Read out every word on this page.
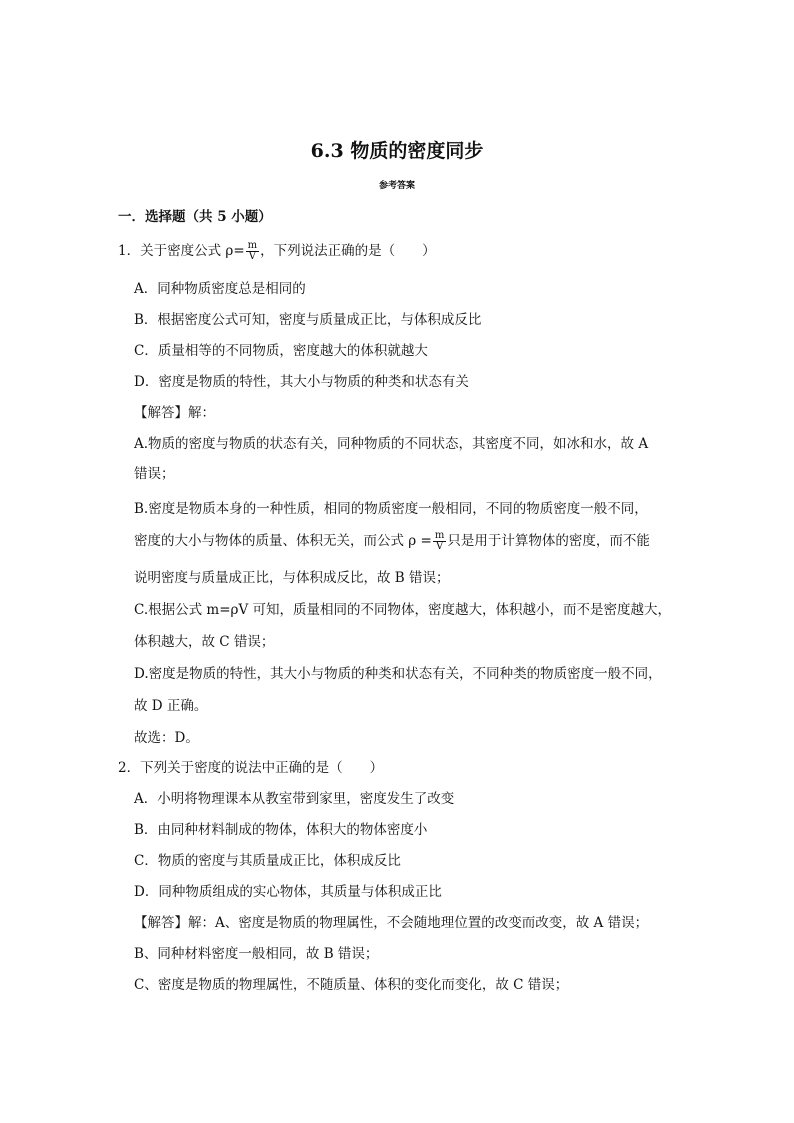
6.3 物质的密度同步
参考答案
一．选择题（共 5 小题）
1．关于密度公式 $\rho= \frac{m}{V}$ ，下列说法正确的是（　　）
A．同种物质密度总是相同的
B．根据密度公式可知，密度与质量成正比，与体积成反比
C．质量相等的不同物质，密度越大的体积就越大
D．密度是物质的特性，其大小与物质的种类和状态有关
【解答】解：
A.物质的密度与物质的状态有关，同种物质的不同状态，其密度不同，如冰和水，故 A
错误；
B.密度是物质本身的一种性质，相同的物质密度一般相同，不同的物质密度一般不同，
密度的大小与物体的质量、体积无关，而公式 $\rho = \frac{m}{V}$ 只是用于计算物体的密度，而不能
说明密度与质量成正比，与体积成反比，故 B 错误；
C.根据公式 m=ρV 可知，质量相同的不同物体，密度越大，体积越小，而不是密度越大，
体积越大，故 C 错误；
D.密度是物质的特性，其大小与物质的种类和状态有关，不同种类的物质密度一般不同，
故 D 正确。
故选：D。
2．下列关于密度的说法中正确的是（　　）
A．小明将物理课本从教室带到家里，密度发生了改变
B．由同种材料制成的物体，体积大的物体密度小
C．物质的密度与其质量成正比，体积成反比
D．同种物质组成的实心物体，其质量与体积成正比
【解答】解：A、密度是物质的物理属性，不会随地理位置的改变而改变，故 A 错误；
B、同种材料密度一般相同，故 B 错误；
C、密度是物质的物理属性，不随质量、体积的变化而变化，故 C 错误；
